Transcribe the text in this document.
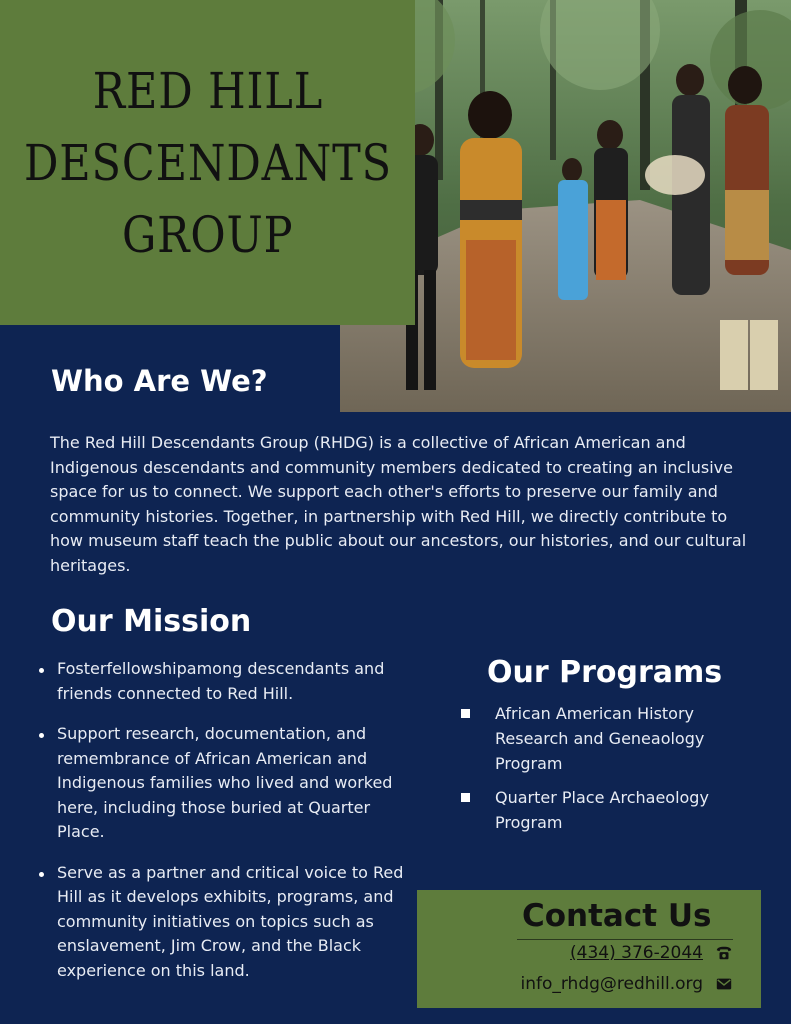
RED HILL
DESCENDANTS
GROUP
Who Are We?

The Red Hill Descendants Group (RHDG) is a collective of African American and Indigenous descendants and community members dedicated to creating an inclusive space for us to connect. We support each other's efforts to preserve our family and community histories. Together, in partnership with Red Hill, we directly contribute to how museum staff teach the public about our ancestors, our histories, and our cultural heritages.

Our Mission
Fosterfellowshipamong descendants and friends connected to Red Hill.
Support research, documentation, and remembrance of African American and Indigenous families who lived and worked here, including those buried at Quarter Place.
Serve as a partner and critical voice to Red Hill as it develops exhibits, programs, and community initiatives on topics such as enslavement, Jim Crow, and the Black experience on this land.
Our Programs
African American History Research and Geneaology Program
Quarter Place Archaeology Program
Contact Us
(434) 376-2044
info_rhdg@redhill.org
